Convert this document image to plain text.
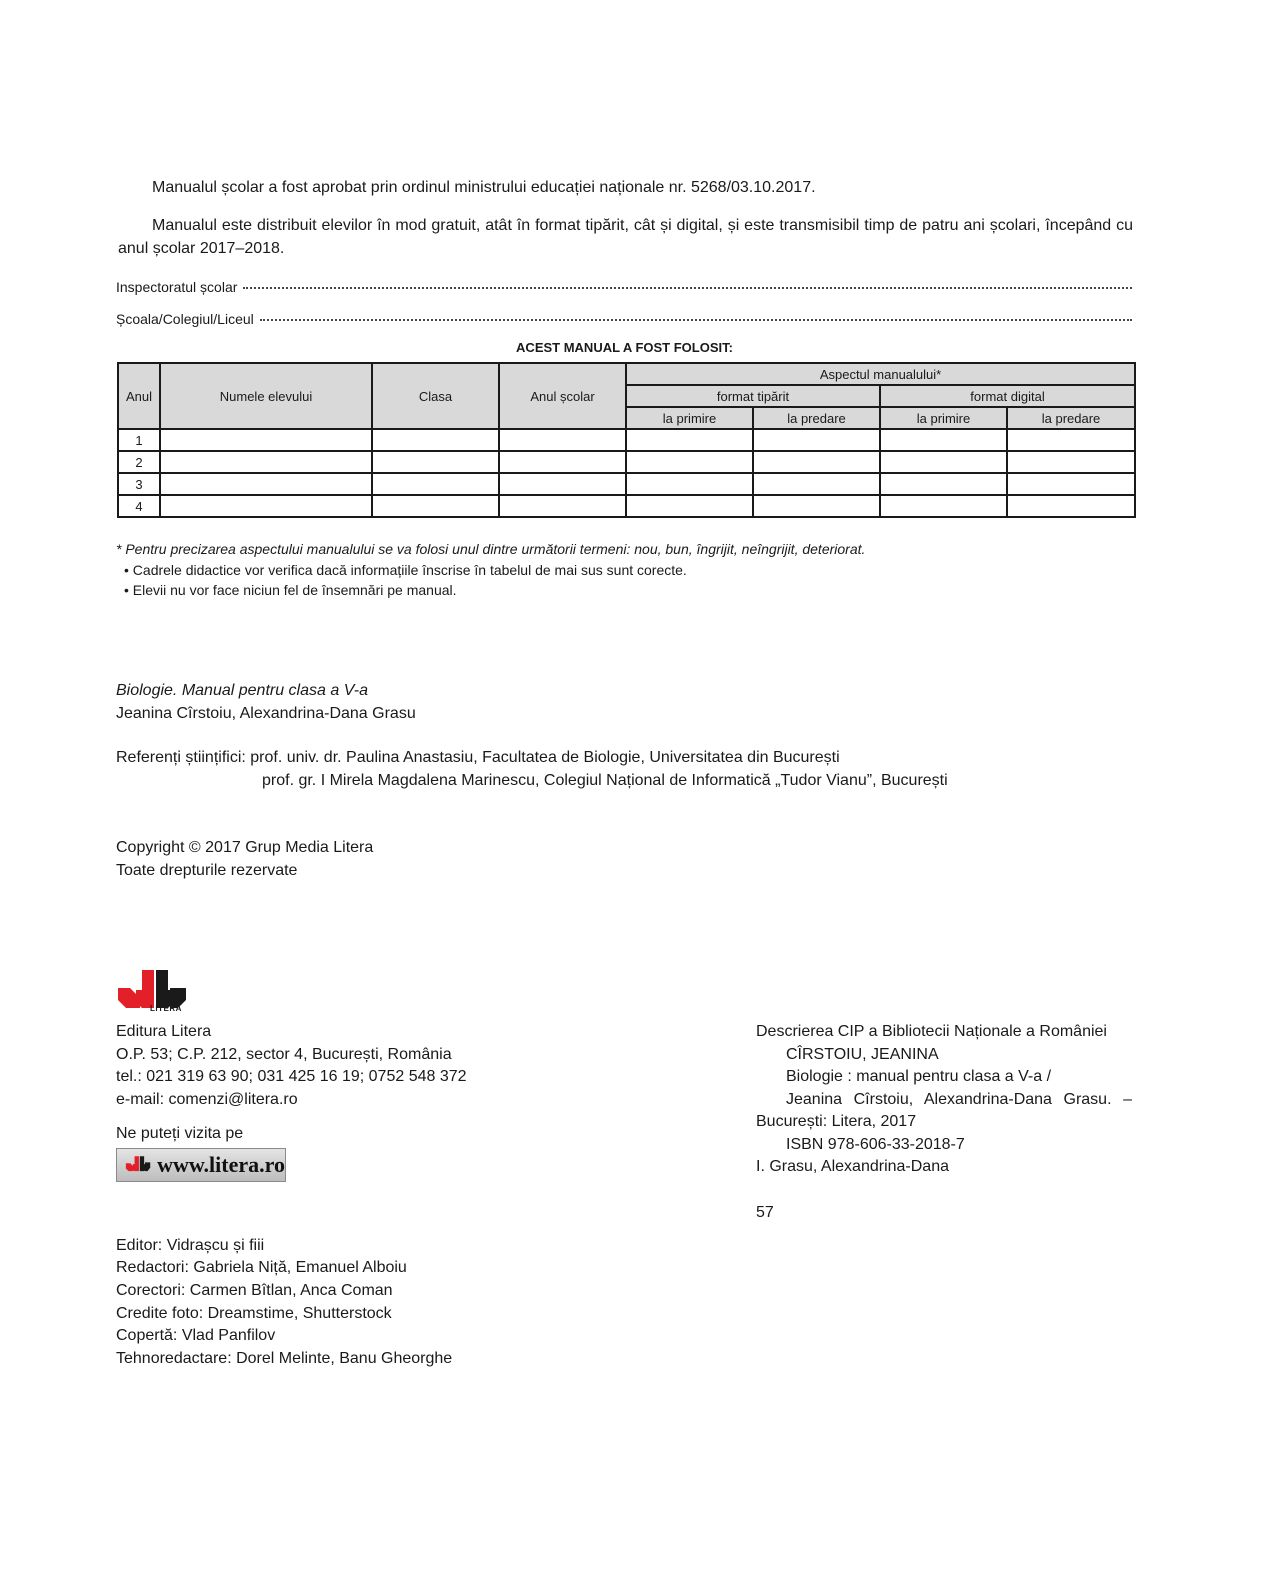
Manualul școlar a fost aprobat prin ordinul ministrului educației naționale nr. 5268/03.10.2017.
Manualul este distribuit elevilor în mod gratuit, atât în format tipărit, cât și digital, și este transmisibil timp de patru ani școlari, începând cu anul școlar 2017–2018.
Inspectoratul școlar
Școala/Colegiul/Liceul
ACEST MANUAL A FOST FOLOSIT:
Anul	Numele elevului	Clasa	Anul școlar	Aspectul manualului*			
				format tipărit		format digital	
				la primire	la predare	la primire	la predare
1							
2							
3							
4							
* Pentru precizarea aspectului manualului se va folosi unul dintre următorii termeni: nou, bun, îngrijit, neîngrijit, deteriorat.
• Cadrele didactice vor verifica dacă informațiile înscrise în tabelul de mai sus sunt corecte.
• Elevii nu vor face niciun fel de însemnări pe manual.
Biologie. Manual pentru clasa a V-a
Jeanina Cîrstoiu, Alexandrina-Dana Grasu
Referenți științifici: prof. univ. dr. Paulina Anastasiu, Facultatea de Biologie, Universitatea din București
prof. gr. I Mirela Magdalena Marinescu, Colegiul Național de Informatică „Tudor Vianu”, București
Copyright © 2017 Grup Media Litera
Toate drepturile rezervate
LITERA
Editura Litera
O.P. 53; C.P. 212, sector 4, București, România
tel.: 021 319 63 90; 031 425 16 19; 0752 548 372
e-mail: comenzi@litera.ro
Ne puteți vizita pe
www.litera.ro
Descrierea CIP a Bibliotecii Naționale a României
CÎRSTOIU, JEANINA
Biologie : manual pentru clasa a V-a /
Jeanina Cîrstoiu, Alexandrina-Dana Grasu. –
București: Litera, 2017
ISBN 978-606-33-2018-7
I. Grasu, Alexandrina-Dana
57
Editor: Vidrașcu și fiii
Redactori: Gabriela Niță, Emanuel Alboiu
Corectori: Carmen Bîtlan, Anca Coman
Credite foto: Dreamstime, Shutterstock
Copertă: Vlad Panfilov
Tehnoredactare: Dorel Melinte, Banu Gheorghe
